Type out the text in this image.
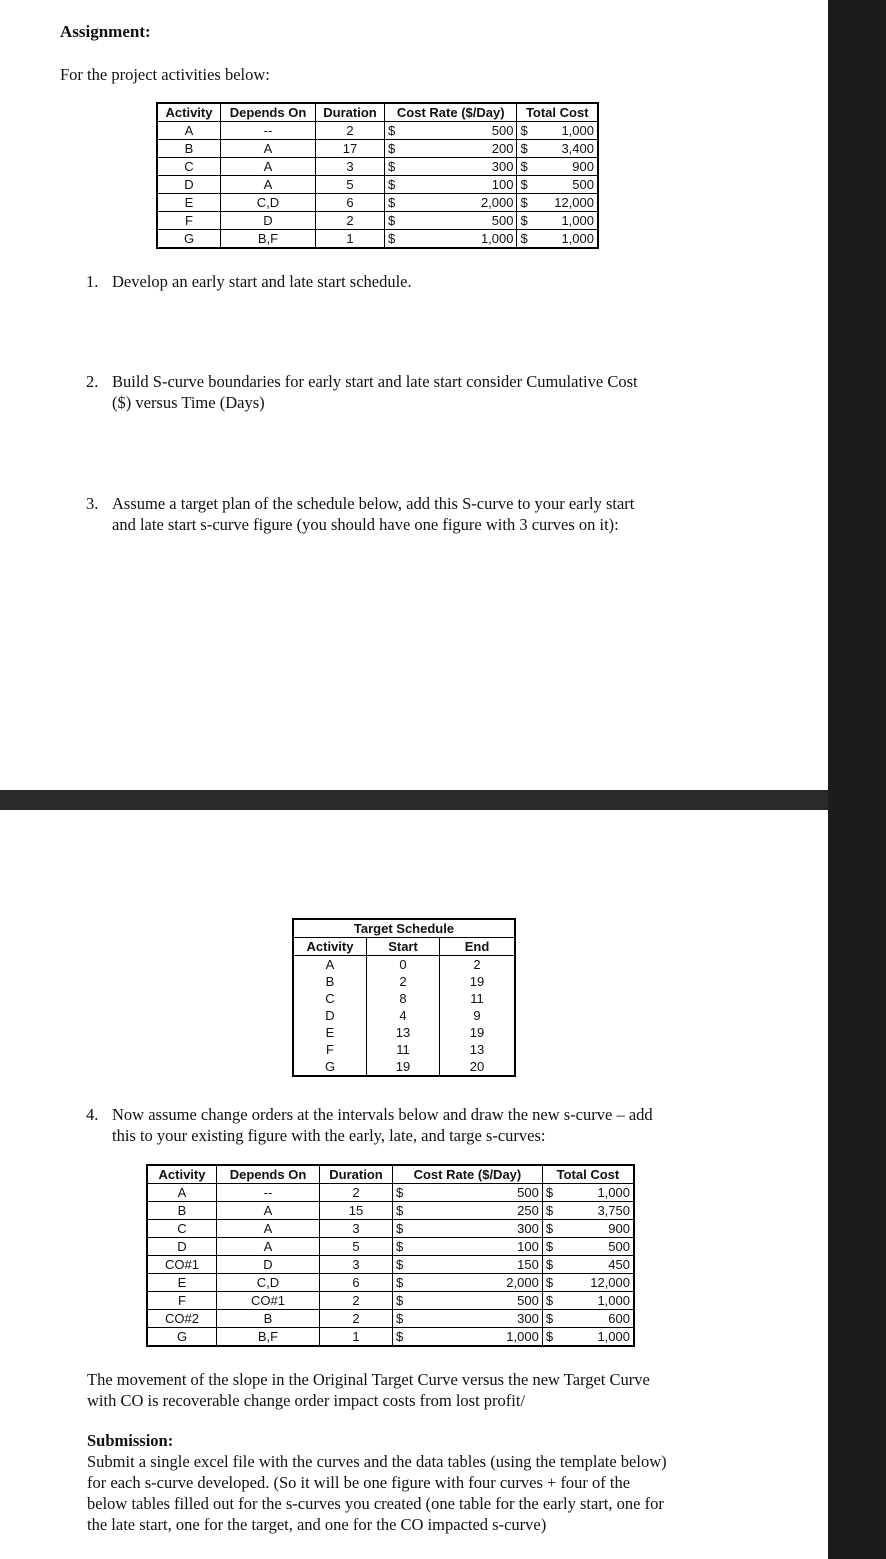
Assignment:
For the project activities below:
Activity	Depends On	Duration	Cost Rate ($/Day)		Total Cost	
A	--	2	$	500	$	1,000
B	A	17	$	200	$	3,400
C	A	3	$	300	$	900
D	A	5	$	100	$	500
E	C,D	6	$	2,000	$	12,000
F	D	2	$	500	$	1,000
G	B,F	1	$	1,000	$	1,000
1. Develop an early start and late start schedule.
2. Build S-curve boundaries for early start and late start consider Cumulative Cost
($) versus Time (Days)
3. Assume a target plan of the schedule below, add this S-curve to your early start
and late start s-curve figure (you should have one figure with 3 curves on it):
Target Schedule		
Activity	Start	End
A	0	2
B	2	19
C	8	11
D	4	9
E	13	19
F	11	13
G	19	20
4. Now assume change orders at the intervals below and draw the new s-curve – add
this to your existing figure with the early, late, and targe s-curves:
Activity	Depends On	Duration	Cost Rate ($/Day)		Total Cost	
A	--	2	$	500	$	1,000
B	A	15	$	250	$	3,750
C	A	3	$	300	$	900
D	A	5	$	100	$	500
CO#1	D	3	$	150	$	450
E	C,D	6	$	2,000	$	12,000
F	CO#1	2	$	500	$	1,000
CO#2	B	2	$	300	$	600
G	B,F	1	$	1,000	$	1,000
The movement of the slope in the Original Target Curve versus the new Target Curve
with CO is recoverable change order impact costs from lost profit/
Submission:
Submit a single excel file with the curves and the data tables (using the template below)
for each s-curve developed. (So it will be one figure with four curves + four of the
below tables filled out for the s-curves you created (one table for the early start, one for
the late start, one for the target, and one for the CO impacted s-curve)
